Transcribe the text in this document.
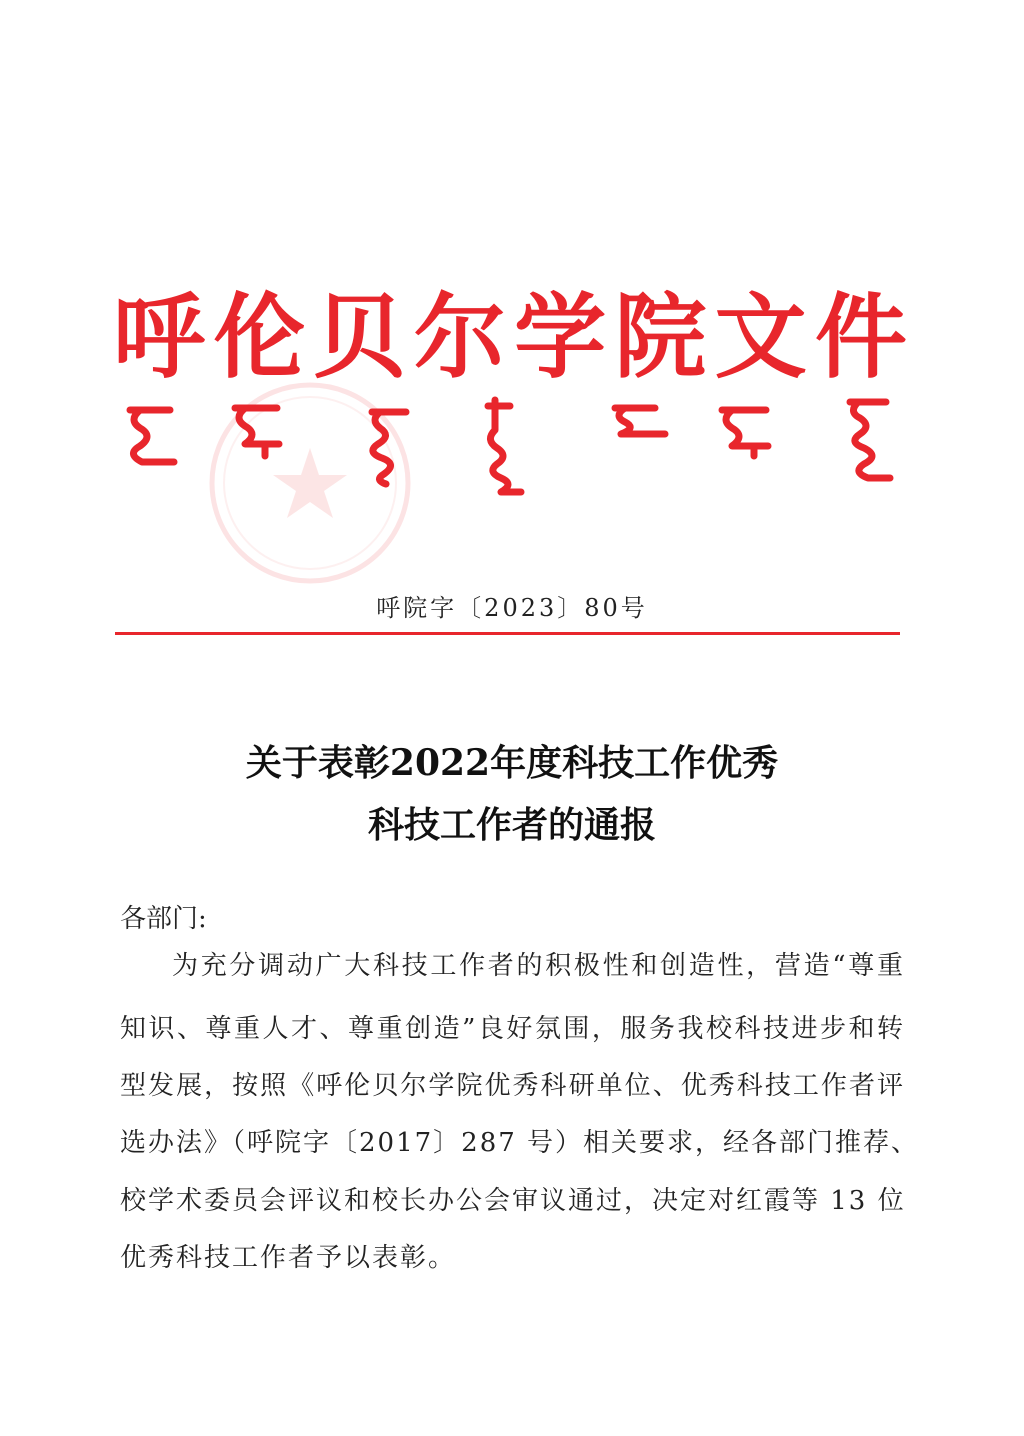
呼 伦 贝 尔 学 院 文 件
呼院字〔2023〕80号
关于表彰2022年度科技工作优秀
科技工作者的通报
各部门:
为充分调动广大科技工作者的积极性和创造性，营造“尊重
知识、尊重人才、尊重创造”良好氛围，服务我校科技进步和转
型发展，按照《呼伦贝尔学院优秀科研单位、优秀科技工作者评
选办法》（呼院字〔2017〕287 号）相关要求，经各部门推荐、
校学术委员会评议和校长办公会审议通过，决定对红霞等 13 位
优秀科技工作者予以表彰。
